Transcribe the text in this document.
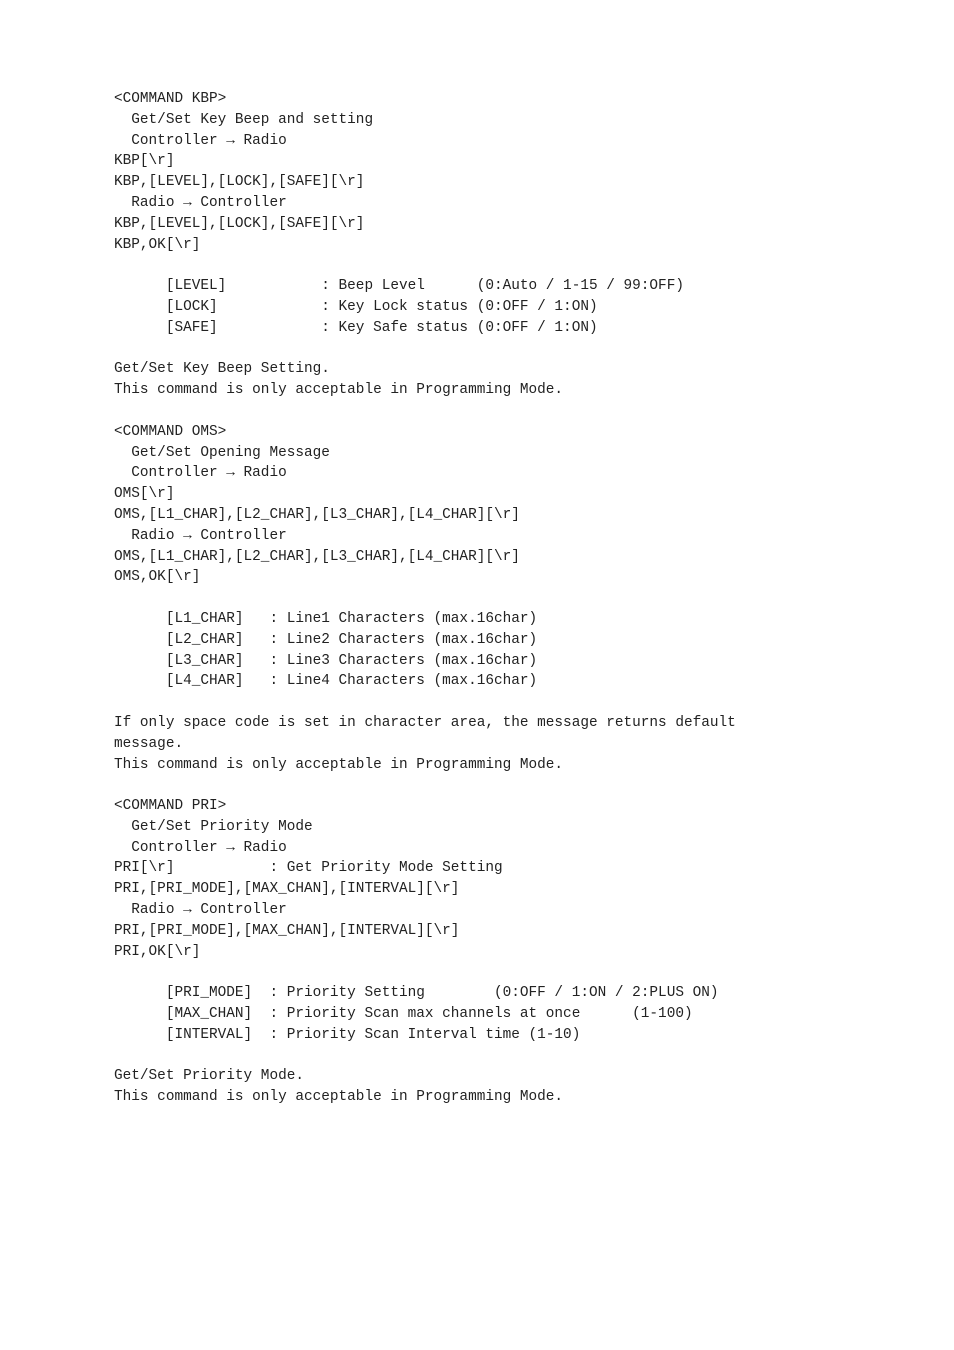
<COMMAND KBP>
Get/Set Key Beep and setting
Controller → Radio
KBP[\r]
KBP,[LEVEL],[LOCK],[SAFE][\r]
Radio → Controller
KBP,[LEVEL],[LOCK],[SAFE][\r]
KBP,OK[\r]
[LEVEL]           : Beep Level      (0:Auto / 1-15 / 99:OFF)
[LOCK]            : Key Lock status (0:OFF / 1:ON)
[SAFE]            : Key Safe status (0:OFF / 1:ON)
Get/Set Key Beep Setting.
This command is only acceptable in Programming Mode.
<COMMAND OMS>
Get/Set Opening Message
Controller → Radio
OMS[\r]
OMS,[L1_CHAR],[L2_CHAR],[L3_CHAR],[L4_CHAR][\r]
Radio → Controller
OMS,[L1_CHAR],[L2_CHAR],[L3_CHAR],[L4_CHAR][\r]
OMS,OK[\r]
[L1_CHAR]   : Line1 Characters (max.16char)
[L2_CHAR]   : Line2 Characters (max.16char)
[L3_CHAR]   : Line3 Characters (max.16char)
[L4_CHAR]   : Line4 Characters (max.16char)
If only space code is set in character area, the message returns default
message.
This command is only acceptable in Programming Mode.
<COMMAND PRI>
Get/Set Priority Mode
Controller → Radio
PRI[\r]           : Get Priority Mode Setting
PRI,[PRI_MODE],[MAX_CHAN],[INTERVAL][\r]
Radio → Controller
PRI,[PRI_MODE],[MAX_CHAN],[INTERVAL][\r]
PRI,OK[\r]
[PRI_MODE]  : Priority Setting        (0:OFF / 1:ON / 2:PLUS ON)
[MAX_CHAN]  : Priority Scan max channels at once      (1-100)
[INTERVAL]  : Priority Scan Interval time (1-10)
Get/Set Priority Mode.
This command is only acceptable in Programming Mode.
